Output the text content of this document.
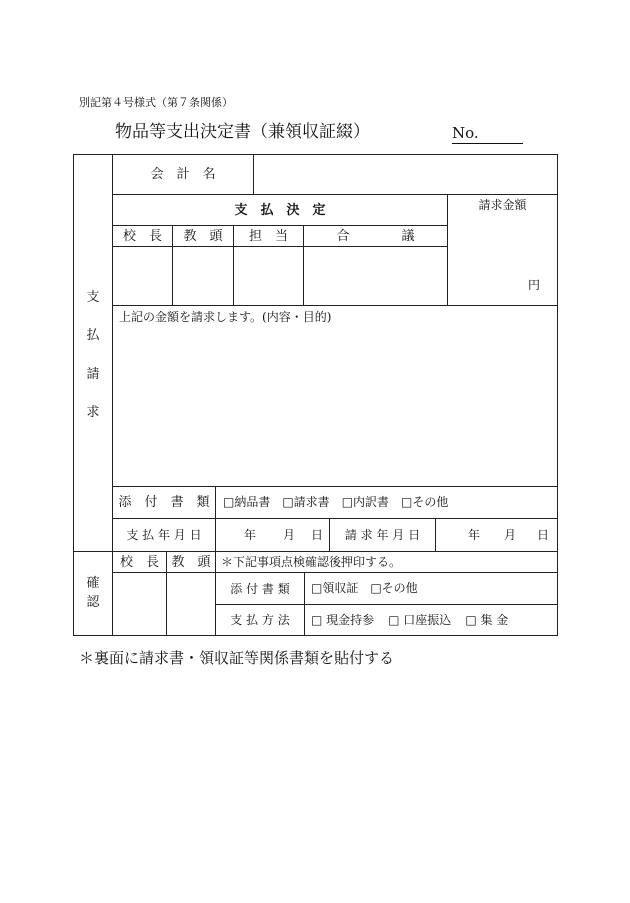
別記第４号様式（第７条関係）
物品等支出決定書（兼領収証綴）	No.
支
払
請
求
確
認
会　計　名
支　払　決　定	請求金額
校　長	教　頭	担　当	合　　　　議
円
上記の金額を請求します。(内容・目的)
添　付　書　類	□納品書 □請求書 □内訳書 □その他
支 払 年 月 日	年 月 日	請 求 年 月 日	年 月 日
校　長 教　頭 ＊下記事項点検確認後押印する。
添 付 書 類	□領収証 □その他
支 払 方 法	□ 現金持参 □ 口座振込 □ 集 金
＊裏面に請求書・領収証等関係書類を貼付する
